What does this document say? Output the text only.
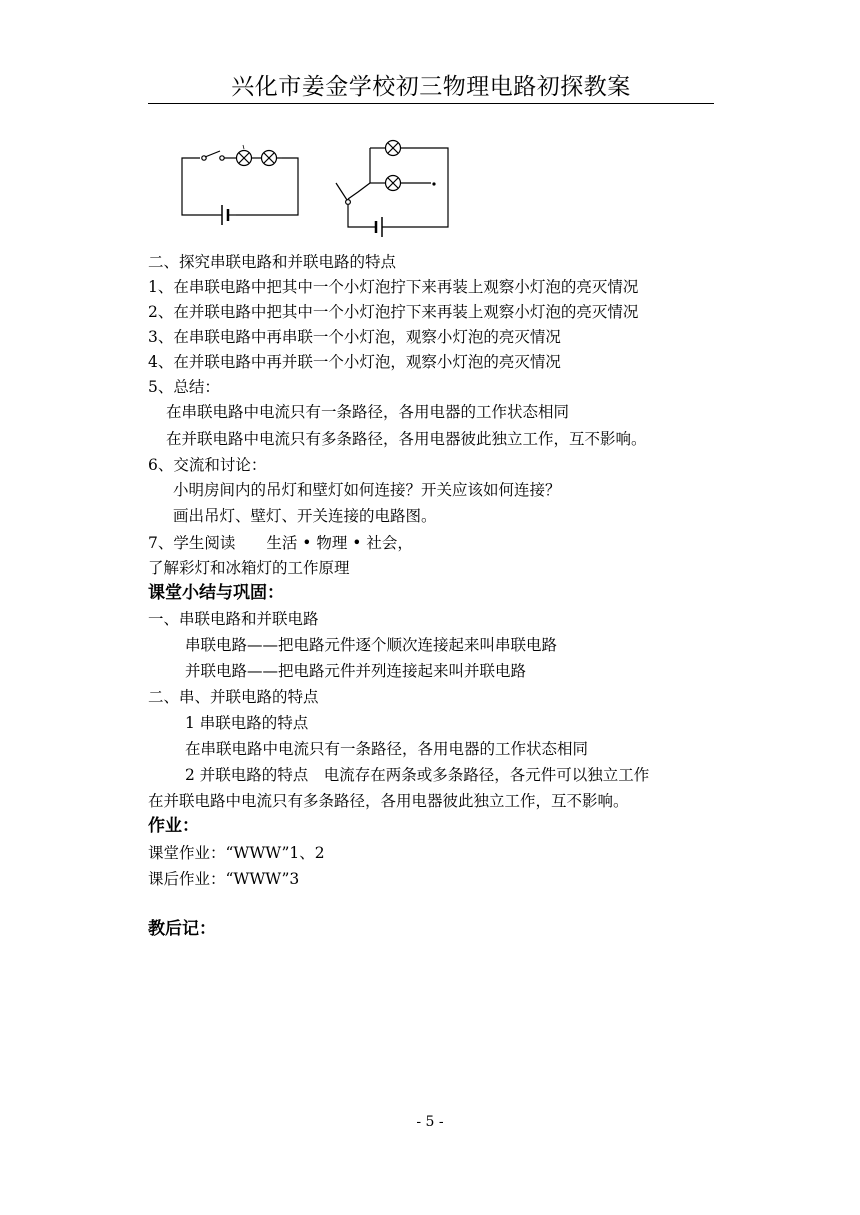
兴化市姜金学校初三物理电路初探教案
二、探究串联电路和并联电路的特点
1、在串联电路中把其中一个小灯泡拧下来再装上观察小灯泡的亮灭情况
2、在并联电路中把其中一个小灯泡拧下来再装上观察小灯泡的亮灭情况
3、在串联电路中再串联一个小灯泡，观察小灯泡的亮灭情况
4、在并联电路中再并联一个小灯泡，观察小灯泡的亮灭情况
5、总结：
在串联电路中电流只有一条路径，各用电器的工作状态相同
在并联电路中电流只有多条路径，各用电器彼此独立工作，互不影响。
6、交流和讨论：
小明房间内的吊灯和壁灯如何连接？开关应该如何连接？
画出吊灯、壁灯、开关连接的电路图。
7、学生阅读　　生活 • 物理 • 社会，
了解彩灯和冰箱灯的工作原理
课堂小结与巩固：
一、串联电路和并联电路
串联电路——把电路元件逐个顺次连接起来叫串联电路
并联电路——把电路元件并列连接起来叫并联电路
二、串、并联电路的特点
1 串联电路的特点
在串联电路中电流只有一条路径，各用电器的工作状态相同
2 并联电路的特点　电流存在两条或多条路径，各元件可以独立工作
在并联电路中电流只有多条路径，各用电器彼此独立工作，互不影响。
作业：
课堂作业：“WWW”1、2
课后作业：“WWW”3
教后记：
- 5 -
